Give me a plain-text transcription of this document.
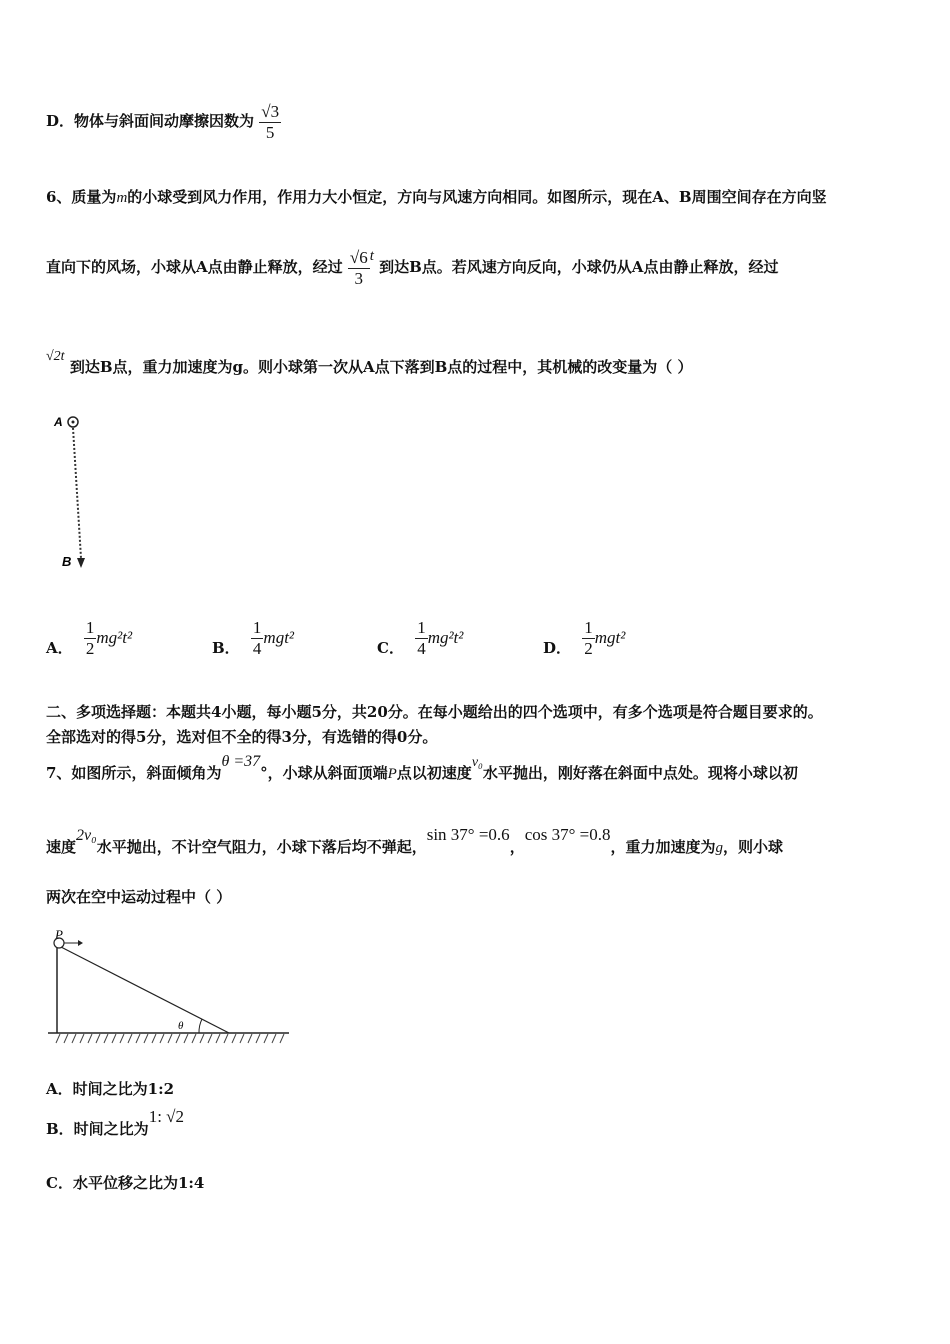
D．物体与斜面间动摩擦因数为 $\frac{√3}{5}$
6、质量为m的小球受到风力作用，作用力大小恒定，方向与风速方向相同。如图所示，现在A、B周围空间存在方向竖
直向下的风场，小球从A点由静止释放，经过 $\frac{√6}{3}$ t 到达B点。若风速方向反向，小球仍从A点由静止释放，经过
√2t 到达B点，重力加速度为g。则小球第一次从A点下落到B点的过程中，其机械的改变量为（ ）
A
B
A． $\frac{1}{2} mg^2t^2$
B． $\frac{1}{4} mgt^2$
C． $\frac{1}{4} mg^2t^2$
D． $\frac{1}{2} mgt^2$
二、多项选择题：本题共4小题，每小题5分，共20分。在每小题给出的四个选项中，有多个选项是符合题目要求的。
全部选对的得5分，选对但不全的得3分，有选错的得0分。
7、如图所示，斜面倾角为θ =37°，小球从斜面顶端P点以初速度v₀水平抛出，刚好落在斜面中点处。现将小球以初
速度2v₀水平抛出，不计空气阻力，小球下落后均不弹起，sin 37° =0.6，cos 37° =0.8，重力加速度为g，则小球
两次在空中运动过程中（ ）
P
θ
A．时间之比为1:2
B．时间之比为1: √2
C．水平位移之比为1:4
